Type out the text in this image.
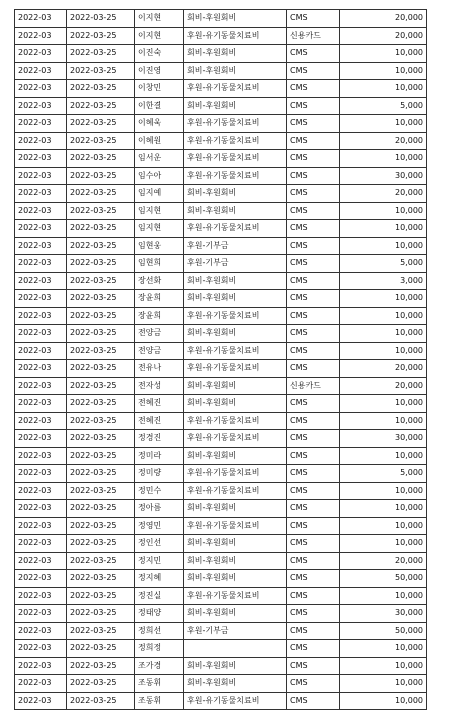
2022-03	2022-03-25	이지현	회비-후원회비	CMS	20,000
2022-03	2022-03-25	이지현	후원-유기동물치료비	신용카드	20,000
2022-03	2022-03-25	이진숙	회비-후원회비	CMS	10,000
2022-03	2022-03-25	이진영	회비-후원회비	CMS	10,000
2022-03	2022-03-25	이창민	후원-유기동물치료비	CMS	10,000
2022-03	2022-03-25	이한결	회비-후원회비	CMS	5,000
2022-03	2022-03-25	이혜욱	후원-유기동물치료비	CMS	10,000
2022-03	2022-03-25	이혜원	후원-유기동물치료비	CMS	20,000
2022-03	2022-03-25	임서운	후원-유기동물치료비	CMS	10,000
2022-03	2022-03-25	임수아	후원-유기동물치료비	CMS	30,000
2022-03	2022-03-25	임지예	회비-후원회비	CMS	20,000
2022-03	2022-03-25	임지현	회비-후원회비	CMS	10,000
2022-03	2022-03-25	임지현	후원-유기동물치료비	CMS	10,000
2022-03	2022-03-25	임현웅	후원-기부금	CMS	10,000
2022-03	2022-03-25	임현희	후원-기부금	CMS	5,000
2022-03	2022-03-25	장선화	회비-후원회비	CMS	3,000
2022-03	2022-03-25	장윤희	회비-후원회비	CMS	10,000
2022-03	2022-03-25	장윤희	후원-유기동물치료비	CMS	10,000
2022-03	2022-03-25	전양금	회비-후원회비	CMS	10,000
2022-03	2022-03-25	전양금	후원-유기동물치료비	CMS	10,000
2022-03	2022-03-25	전유나	후원-유기동물치료비	CMS	20,000
2022-03	2022-03-25	전자성	회비-후원회비	신용카드	20,000
2022-03	2022-03-25	전혜진	회비-후원회비	CMS	10,000
2022-03	2022-03-25	전혜진	후원-유기동물치료비	CMS	10,000
2022-03	2022-03-25	정경진	후원-유기동물치료비	CMS	30,000
2022-03	2022-03-25	정미라	회비-후원회비	CMS	10,000
2022-03	2022-03-25	정미량	후원-유기동물치료비	CMS	5,000
2022-03	2022-03-25	정민수	후원-유기동물치료비	CMS	10,000
2022-03	2022-03-25	정아름	회비-후원회비	CMS	10,000
2022-03	2022-03-25	정영민	후원-유기동물치료비	CMS	10,000
2022-03	2022-03-25	정인선	회비-후원회비	CMS	10,000
2022-03	2022-03-25	정지민	회비-후원회비	CMS	20,000
2022-03	2022-03-25	정지혜	회비-후원회비	CMS	50,000
2022-03	2022-03-25	정진실	후원-유기동물치료비	CMS	10,000
2022-03	2022-03-25	정태양	회비-후원회비	CMS	30,000
2022-03	2022-03-25	정희선	후원-기부금	CMS	50,000
2022-03	2022-03-25	정희정		CMS	10,000
2022-03	2022-03-25	조가경	회비-후원회비	CMS	10,000
2022-03	2022-03-25	조동휘	회비-후원회비	CMS	10,000
2022-03	2022-03-25	조동휘	후원-유기동물치료비	CMS	10,000
